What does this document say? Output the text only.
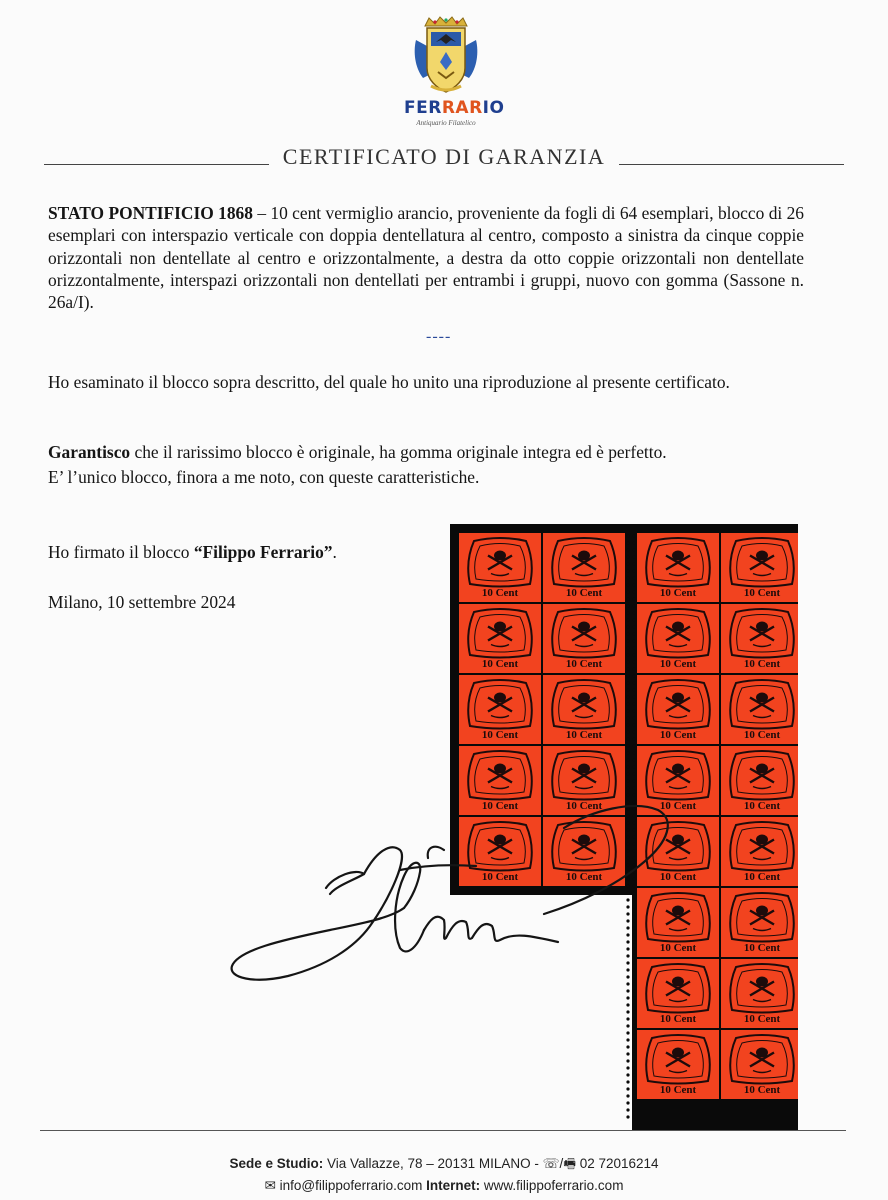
FERRARIO
Antiquario Filatelico
CERTIFICATO DI GARANZIA

STATO PONTIFICIO 1868 – 10 cent vermiglio arancio, proveniente da fogli di 64 esemplari, blocco di 26 esemplari con interspazio verticale con doppia dentellatura al centro, composto a sinistra da cinque coppie orizzontali non dentellate al centro e orizzontalmente, a destra da otto coppie orizzontali non dentellate orizzontalmente, interspazi orizzontali non dentellati per entrambi i gruppi, nuovo con gomma (Sassone n. 26a/I).

----

Ho esaminato il blocco sopra descritto, del quale ho unito una riproduzione al presente certificato.

Garantisco che il rarissimo blocco è originale, ha gomma originale integra ed è perfetto.

E’ l’unico blocco, finora a me noto, con queste caratteristiche.

Ho firmato il blocco “Filippo Ferrario”.

Milano, 10 settembre 2024	10 Cent	10 Cent
10 Cent	10 Cent
10 Cent	10 Cent
10 Cent	10 Cent
10 Cent	10 Cent
10 Cent	10 Cent
10 Cent	10 Cent
10 Cent	10 Cent
10 Cent	10 Cent
10 Cent	10 Cent
10 Cent	10 Cent
10 Cent	10 Cent
10 Cent	10 Cent
Sede e Studio: Via Vallazze, 78 – 20131 MILANO - ☏/🖷 02 72016214
✉ info@filippoferrario.com Internet: www.filippoferrario.com
